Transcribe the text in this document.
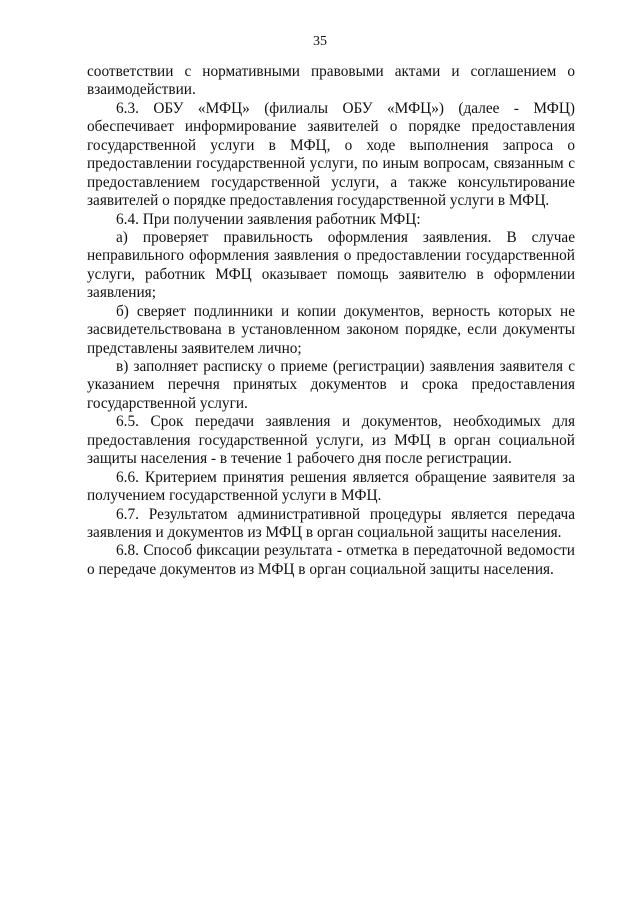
35
соответствии с нормативными правовыми актами и соглашением о
взаимодействии.
6.3. ОБУ «МФЦ» (филиалы ОБУ «МФЦ») (далее - МФЦ)
обеспечивает информирование заявителей о порядке предоставления
государственной услуги в МФЦ, о ходе выполнения запроса о
предоставлении государственной услуги, по иным вопросам, связанным с
предоставлением государственной услуги, а также консультирование
заявителей о порядке предоставления государственной услуги в МФЦ.
6.4. При получении заявления работник МФЦ:
а) проверяет правильность оформления заявления. В случае
неправильного оформления заявления о предоставлении государственной
услуги, работник МФЦ оказывает помощь заявителю в оформлении
заявления;
б) сверяет подлинники и копии документов, верность которых не
засвидетельствована в установленном законом порядке, если документы
представлены заявителем лично;
в) заполняет расписку о приеме (регистрации) заявления заявителя с
указанием перечня принятых документов и срока предоставления
государственной услуги.
6.5. Срок передачи заявления и документов, необходимых для
предоставления государственной услуги, из МФЦ в орган социальной
защиты населения - в течение 1 рабочего дня после регистрации.
6.6. Критерием принятия решения является обращение заявителя за
получением государственной услуги в МФЦ.
6.7. Результатом административной процедуры является передача
заявления и документов из МФЦ в орган социальной защиты населения.
6.8. Способ фиксации результата - отметка в передаточной ведомости
о передаче документов из МФЦ в орган социальной защиты населения.
